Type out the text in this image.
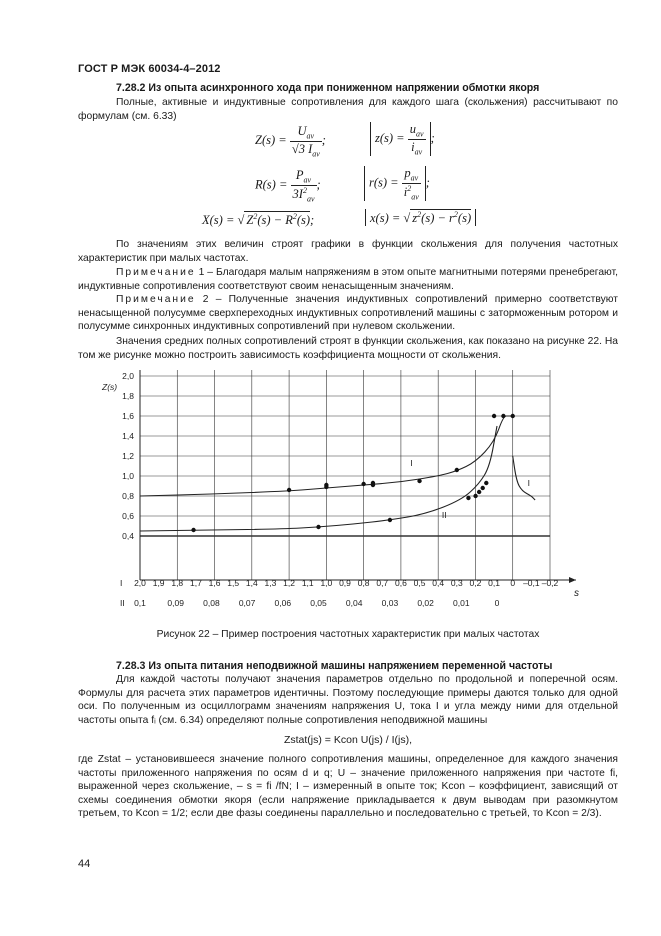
ГОСТ Р МЭК 60034-4–2012
7.28.2 Из опыта асинхронного хода при пониженном напряжении обмотки якоря
Полные, активные и индуктивные сопротивления для каждого шага (скольжения) рассчитывают по формулам (см. 6.33)
$Z(s) = \frac{U_{av}}{√3 I_{av}}$ ;	$z(s) = \frac{u_{av}}{i_{av}}$ ;
$R(s) = \frac{P_{av}}{3I^2_{av}}$ ;	$r(s) = \frac{p_{av}}{i^2_{av}}$ ;
X(s) = √ $Z^2(s) - R^2(s)$;	x(s) = √ $z^2(s) - r^2(s)$
По значениям этих величин строят графики в функции скольжения для получения частотных характеристик при малых частотах.
Примечание 1 – Благодаря малым напряжениям в этом опыте магнитными потерями пренебрегают, индуктивные сопротивления соответствуют своим ненасыщенным значениям.
Примечание 2 – Полученные значения индуктивных сопротивлений примерно соответствуют ненасыщенной полусумме сверхпереходных индуктивных сопротивлений машины с заторможенным ротором и полусумме синхронных индуктивных сопротивлений при нулевом скольжении.
Значения средних полных сопротивлений строят в функции скольжения, как показано на рисунке 22. На том же рисунке можно построить зависимость коэффициента мощности от скольжения.
2,0
1,8
1,6
1,4
1,2
1,0
0,8
0,6
0,4
Z(s)
s
I
II
2,0 1,9 1,8 1,7 1,6 1,5 1,4 1,3 1,2 1,1 1,0 0,9 0,8 0,7 0,6 0,5 0,4 0,3 0,2 0,1 0 –0,1 –0,2
0,1	0,09 0,08 0,07 0,06 0,05 0,04 0,03 0,02 0,01	0
I
II
I
Рисунок 22 – Пример построения частотных характеристик при малых частотах
7.28.3 Из опыта питания неподвижной машины напряжением переменной частоты
Для каждой частоты получают значения параметров отдельно по продольной и поперечной осям. Формулы для расчета этих параметров идентичны. Поэтому последующие примеры даются только для одной оси. По полученным из осциллограмм значениям напряжения U, тока I и угла между ними для отдельной частоты опыта fᵢ (см. 6.34) определяют полные сопротивления неподвижной машины
Zstat(js) = Kcon U(js) / I(js),
где Zstat – установившееся значение полного сопротивления машины, определенное для каждого значения частоты приложенного напряжения по осям d и q; U – значение приложенного напряжения при частоте fi, выраженной через скольжение, – s = fi /fN; I – измеренный в опыте ток; Kcon – коэффициент, зависящий от схемы соединения обмотки якоря (если напряжение прикладывается к двум выводам при разомкнутом третьем, то Kcon = 1/2; если две фазы соединены параллельно и последовательно с третьей, то Kcon = 2/3).
44
